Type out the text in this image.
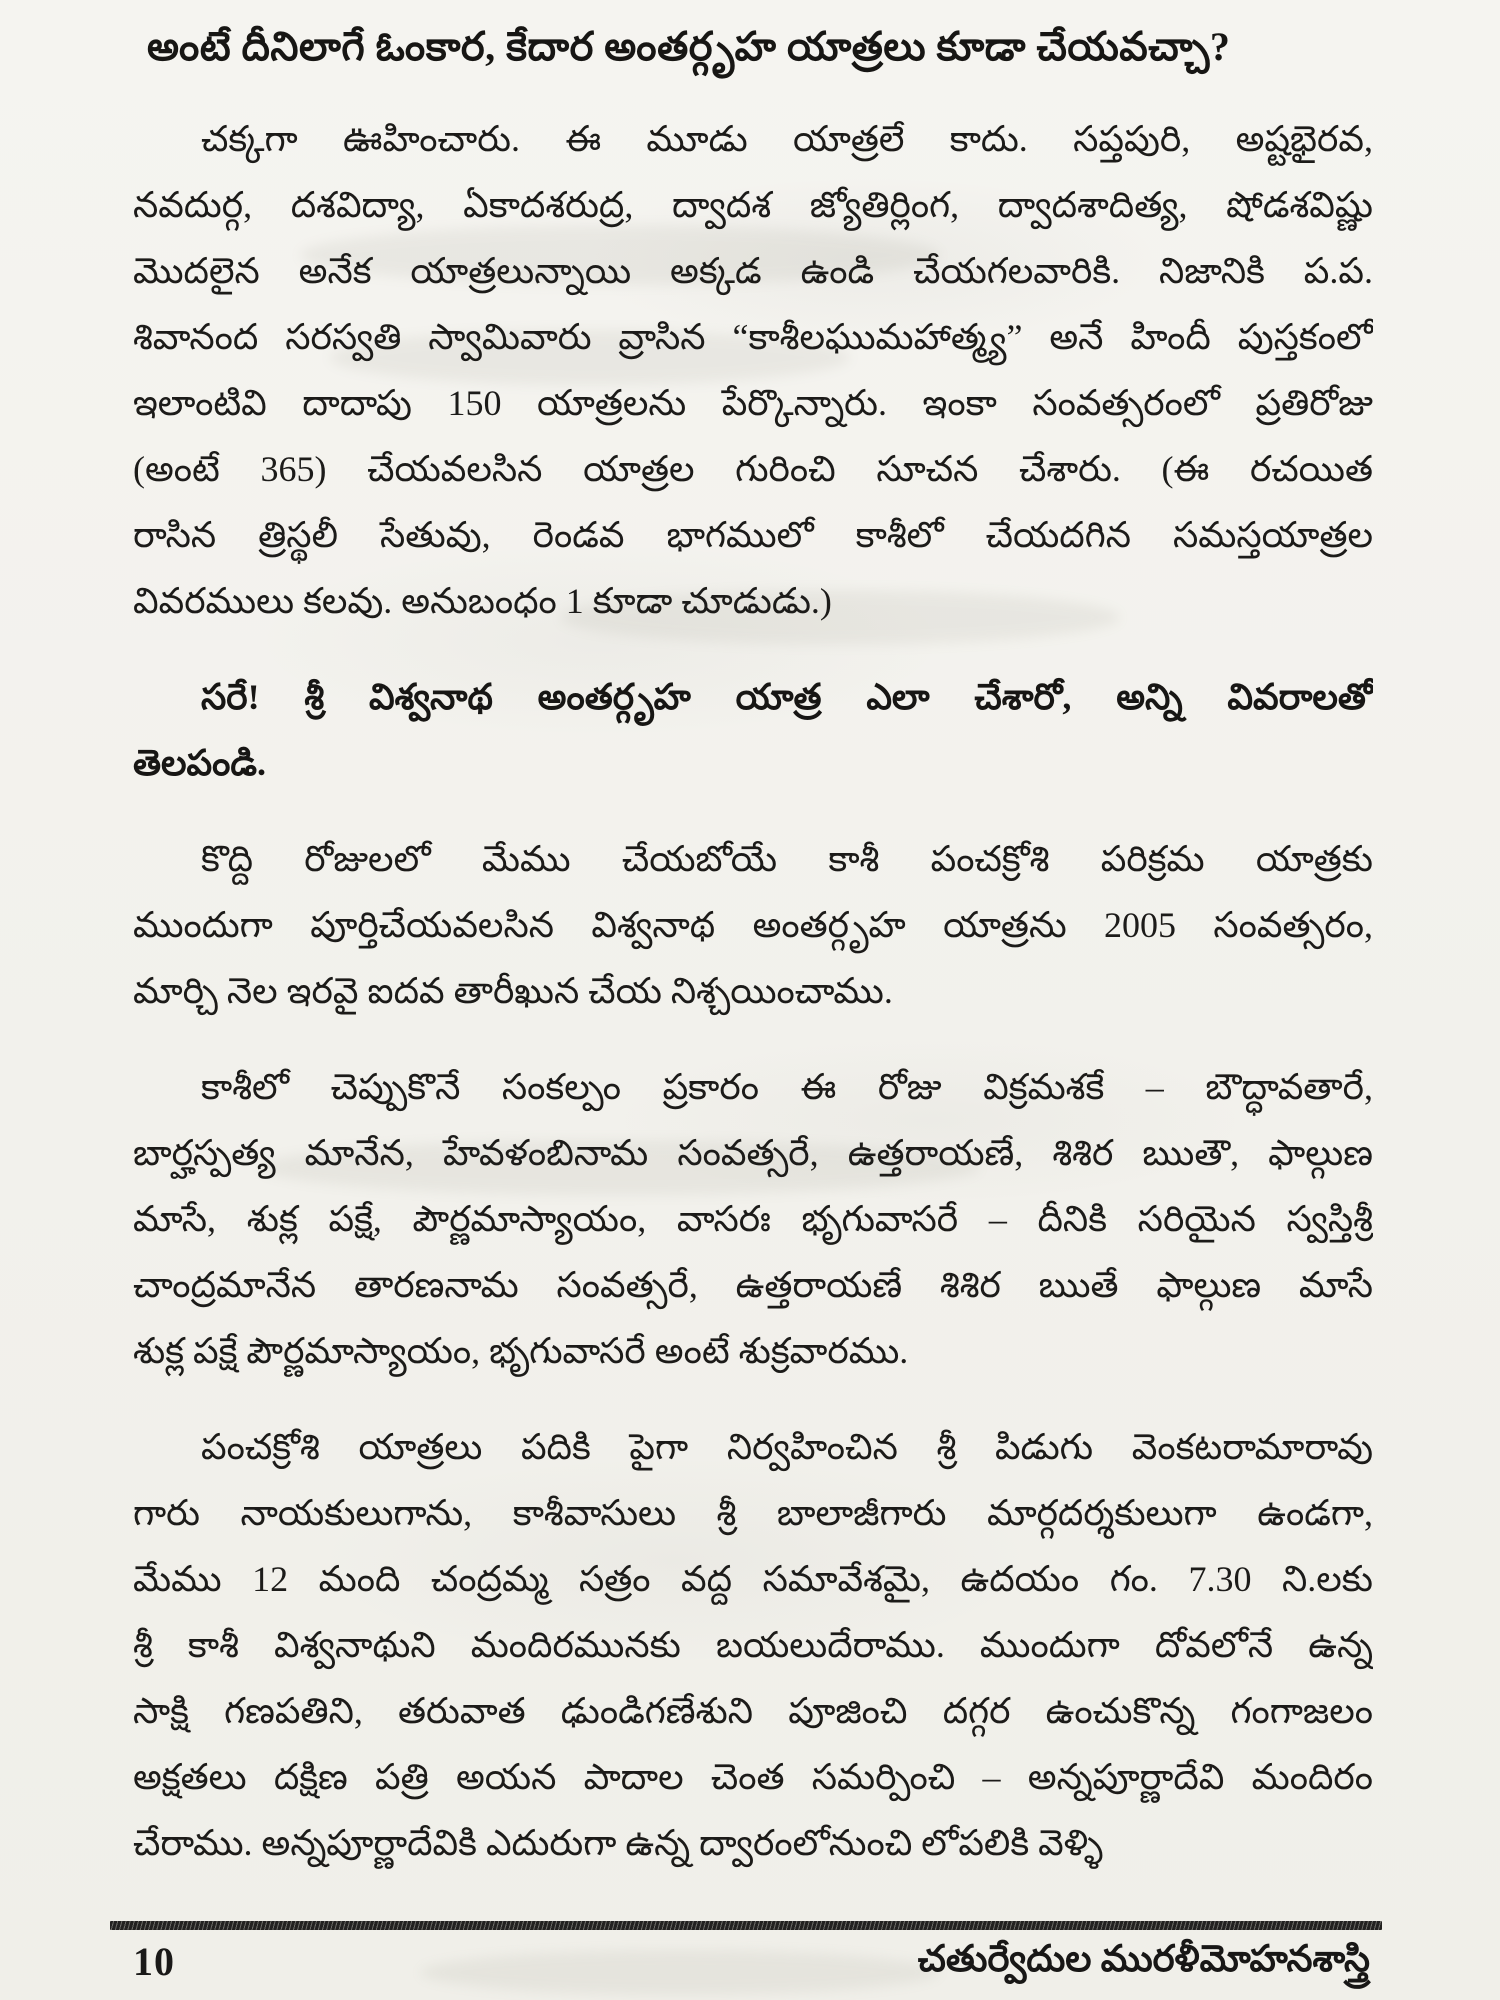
అంటే దీనిలాగే ఓంకార, కేదార అంతర్గృహ యాత్రలు కూడా చేయవచ్చా?
చక్కగా ఊహించారు. ఈ మూడు యాత్రలే కాదు. సప్తపురి, అష్టభైరవ,
నవదుర్గ, దశవిద్యా, ఏకాదశరుద్ర, ద్వాదశ జ్యోతిర్లింగ, ద్వాదశాదిత్య, షోడశవిష్ణు
మొదలైన అనేక యాత్రలున్నాయి అక్కడ ఉండి చేయగలవారికి. నిజానికి ప.ప.
శివానంద సరస్వతి స్వామివారు వ్రాసిన “కాశీలఘుమహాత్మ్య” అనే హిందీ పుస్తకంలో
ఇలాంటివి దాదాపు 150 యాత్రలను పేర్కొన్నారు. ఇంకా సంవత్సరంలో ప్రతిరోజు
(అంటే 365) చేయవలసిన యాత్రల గురించి సూచన చేశారు. (ఈ రచయిత
రాసిన త్రిస్థలీ సేతువు, రెండవ భాగములో కాశీలో చేయదగిన సమస్తయాత్రల
వివరములు కలవు. అనుబంధం 1 కూడా చూడుడు.)
సరే! శ్రీ విశ్వనాథ అంతర్గృహ యాత్ర ఎలా చేశారో, అన్ని వివరాలతో
తెలపండి.
కొద్ది రోజులలో మేము చేయబోయే కాశీ పంచక్రోశి పరిక్రమ యాత్రకు
ముందుగా పూర్తిచేయవలసిన విశ్వనాథ అంతర్గృహ యాత్రను 2005 సంవత్సరం,
మార్చి నెల ఇరవై ఐదవ తారీఖున చేయ నిశ్చయించాము.
కాశీలో చెప్పుకొనే సంకల్పం ప్రకారం ఈ రోజు విక్రమశకే – బౌద్ధావతారే,
బార్హస్పత్య మానేన, హేవళంబినామ సంవత్సరే, ఉత్తరాయణే, శిశిర ఋతౌ, ఫాల్గుణ
మాసే, శుక్ల పక్షే, పౌర్ణమాస్యాయం, వాసరః భృగువాసరే – దీనికి సరియైన స్వస్తిశ్రీ
చాంద్రమానేన తారణనామ సంవత్సరే, ఉత్తరాయణే శిశిర ఋతే ఫాల్గుణ మాసే
శుక్ల పక్షే పౌర్ణమాస్యాయం, భృగువాసరే అంటే శుక్రవారము.
పంచక్రోశి యాత్రలు పదికి పైగా నిర్వహించిన శ్రీ పిడుగు వెంకటరామారావు
గారు నాయకులుగాను, కాశీవాసులు శ్రీ బాలాజీగారు మార్గదర్శకులుగా ఉండగా,
మేము 12 మంది చంద్రమ్మ సత్రం వద్ద సమావేశమై, ఉదయం గం. 7.30 ని.లకు
శ్రీ కాశీ విశ్వనాథుని మందిరమునకు బయలుదేరాము. ముందుగా దోవలోనే ఉన్న
సాక్షి గణపతిని, తరువాత ఢుండిగణేశుని పూజించి దగ్గర ఉంచుకొన్న గంగాజలం
అక్షతలు దక్షిణ పత్రి అయన పాదాల చెంత సమర్పించి – అన్నపూర్ణాదేవి మందిరం
చేరాము. అన్నపూర్ణాదేవికి ఎదురుగా ఉన్న ద్వారంలోనుంచి లోపలికి వెళ్ళి
10	చతుర్వేదుల మురళీమోహనశాస్త్రి
